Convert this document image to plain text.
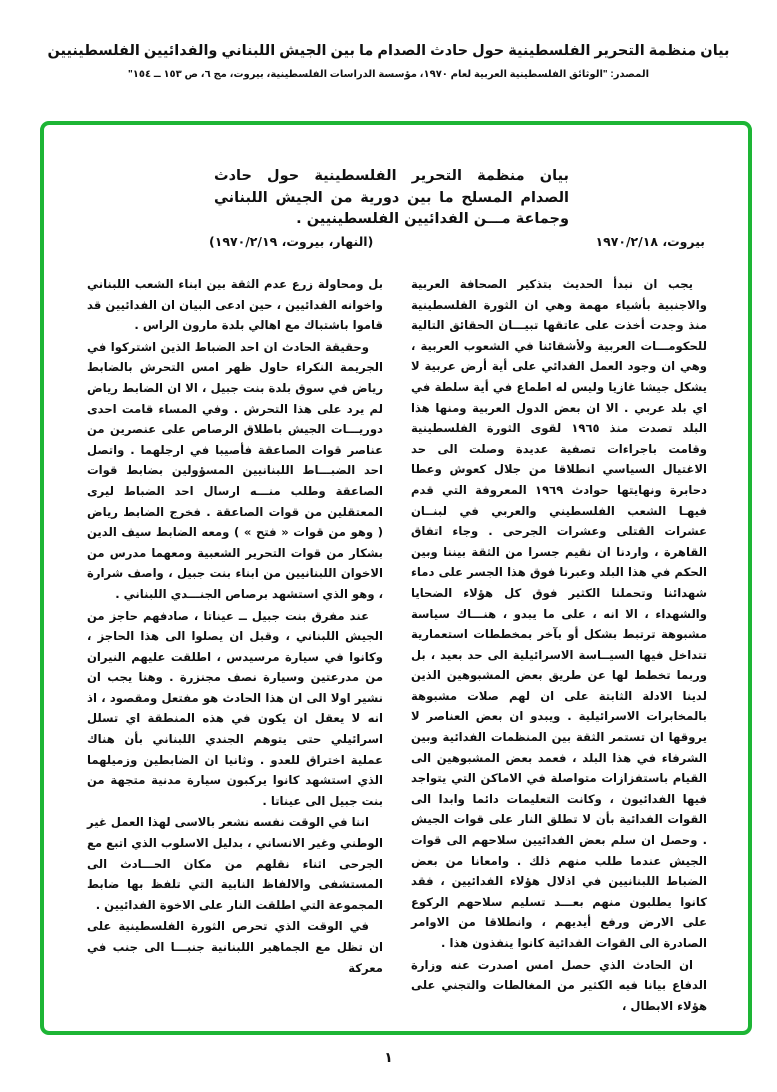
بيان منظمة التحرير الفلسطينية حول حادث الصدام ما بين الجيش اللبناني والفدائيين الفلسطينيين
المصدر: "الوثائق الفلسطينية العربية لعام ١٩٧٠، مؤسسة الدراسات الفلسطينية، بيروت، مج ٦، ص ١٥٣ ــ ١٥٤"
بيان منظمة التحرير الفلسطينية حول حادث الصدام المسلح ما بين دورية من الجيش اللبناني وجماعة مـــن الفدائيين الفلسطينيين .
بيروت، ١٩٧٠/٢/١٨
(النهار، بيروت، ١٩٧٠/٢/١٩)

يجب ان نبدأ الحديث بتذكير الصحافة العربية والاجنبية بأشياء مهمة وهي ان الثورة الفلسطينية منذ وجدت أخذت على عاتقها تبيـــان الحقائق التالية للحكومـــات العربية ولأشقائنا في الشعوب العربية ، وهي ان وجود العمل الفدائي على أية أرض عربية لا يشكل جيشا غازيا وليس له اطماع في أية سلطة في اي بلد عربي . الا ان بعض الدول العربية ومنها هذا البلد تصدت منذ ١٩٦٥ لقوى الثورة الفلسطينية وقامت باجراءات تصفية عديدة وصلت الى حد الاغتيال السياسي انطلاقا من جلال كعوش وعطا دحابرة ونهايتها حوادث ١٩٦٩ المعروفة التي قدم فيهـا الشعب الفلسطيني والعربي في لبنــان عشرات القتلى وعشرات الجرحى . وجاء اتفاق القاهرة ، واردنا ان نقيم جسرا من الثقة بيننا وبين الحكم في هذا البلد وعبرنا فوق هذا الجسر على دماء شهدائنا وتحملنا الكثير فوق كل هؤلاء الضحايا والشهداء ، الا انه ، على ما يبدو ، هنـــاك سياسة مشبوهة ترتبط بشكل أو بآخر بمخططات استعمارية تتداخل فيها السيــاسة الاسرائيلية الى حد بعيد ، بل وربما تخطط لها عن طريق بعض المشبوهين الذين لدينا الادلة الثابتة على ان لهم صلات مشبوهة بالمخابرات الاسرائيلية . ويبدو ان بعض العناصر لا يروقها ان تستمر الثقة بين المنظمات الفدائية وبين الشرفاء في هذا البلد ، فعمد بعض المشبوهين الى القيام باستفزازات متواصلة في الاماكن التي يتواجد فيها الفدائيون ، وكانت التعليمات دائما وابدا الى القوات الفدائية بأن لا تطلق النار على قوات الجيش . وحصل ان سلم بعض الفدائيين سلاحهم الى قوات الجيش عندما طلب منهم ذلك . وامعانا من بعض الضباط اللبنانيين في اذلال هؤلاء الفدائيين ، فقد كانوا يطلبون منهم بعـــد تسليم سلاحهم الركوع على الارض ورفع أيديهم ، وانطلاقا من الاوامر الصادرة الى القوات الفدائية كانوا ينفذون هذا .

ان الحادث الذي حصل امس اصدرت عنه وزارة الدفاع بيانا فيه الكثير من المغالطات والتجني على هؤلاء الابطال ،

بل ومحاولة زرع عدم الثقة بين ابناء الشعب اللبناني واخوانه الفدائيين ، حين ادعى البيان ان الفدائيين قد قاموا باشتباك مع اهالي بلدة مارون الراس .

وحقيقة الحادث ان احد الضباط الذين اشتركوا في الجريمة النكراء حاول ظهر امس التحرش بالضابط رياض في سوق بلدة بنت جبيل ، الا ان الضابط رياض لم يرد على هذا التحرش . وفي المساء قامت احدى دوريـــات الجيش باطلاق الرصاص على عنصرين من عناصر قوات الصاعقة فأصيبا في ارجلهما . واتصل احد الضبـــاط اللبنانيين المسؤولين بضابط قوات الصاعقة وطلب منـــه ارسال احد الضباط ليرى المعتقلين من قوات الصاعقة . فخرج الضابط رياض ( وهو من قوات « فتح » ) ومعه الضابط سيف الدين بشكار من قوات التحرير الشعبية ومعهما مدرس من الاخوان اللبنانيين من ابناء بنت جبيل ، واصف شرارة ، وهو الذي استشهد برصاص الجنـــدي اللبناني .

عند مفرق بنت جبيل ــ عيناتا ، صادفهم حاجز من الجيش اللبناني ، وقبل ان يصلوا الى هذا الحاجز ، وكانوا في سيارة مرسيدس ، اطلقت عليهم النيران من مدرعتين وسيارة نصف مجنزرة . وهنا يجب ان نشير اولا الى ان هذا الحادث هو مفتعل ومقصود ، اذ انه لا يعقل ان يكون في هذه المنطقة اي تسلل اسرائيلي حتى يتوهم الجندي اللبناني بأن هناك عملية اختراق للعدو . وثانيا ان الضابطين وزميلهما الذي استشهد كانوا يركبون سيارة مدنية متجهة من بنت جبيل الى عيناتا .

اننا في الوقت نفسه نشعر بالاسى لهذا العمل غير الوطني وغير الانساني ، بدليل الاسلوب الذي اتبع مع الجرحى اثناء نقلهم من مكان الحـــادث الى المستشفى والالفاظ النابية التي تلفظ بها ضابط المجموعة التي اطلقت النار على الاخوة الفدائيين .

في الوقت الذي تحرص الثورة الفلسطينية على ان تظل مع الجماهير اللبنانية جنبـــا الى جنب في معركة

١
